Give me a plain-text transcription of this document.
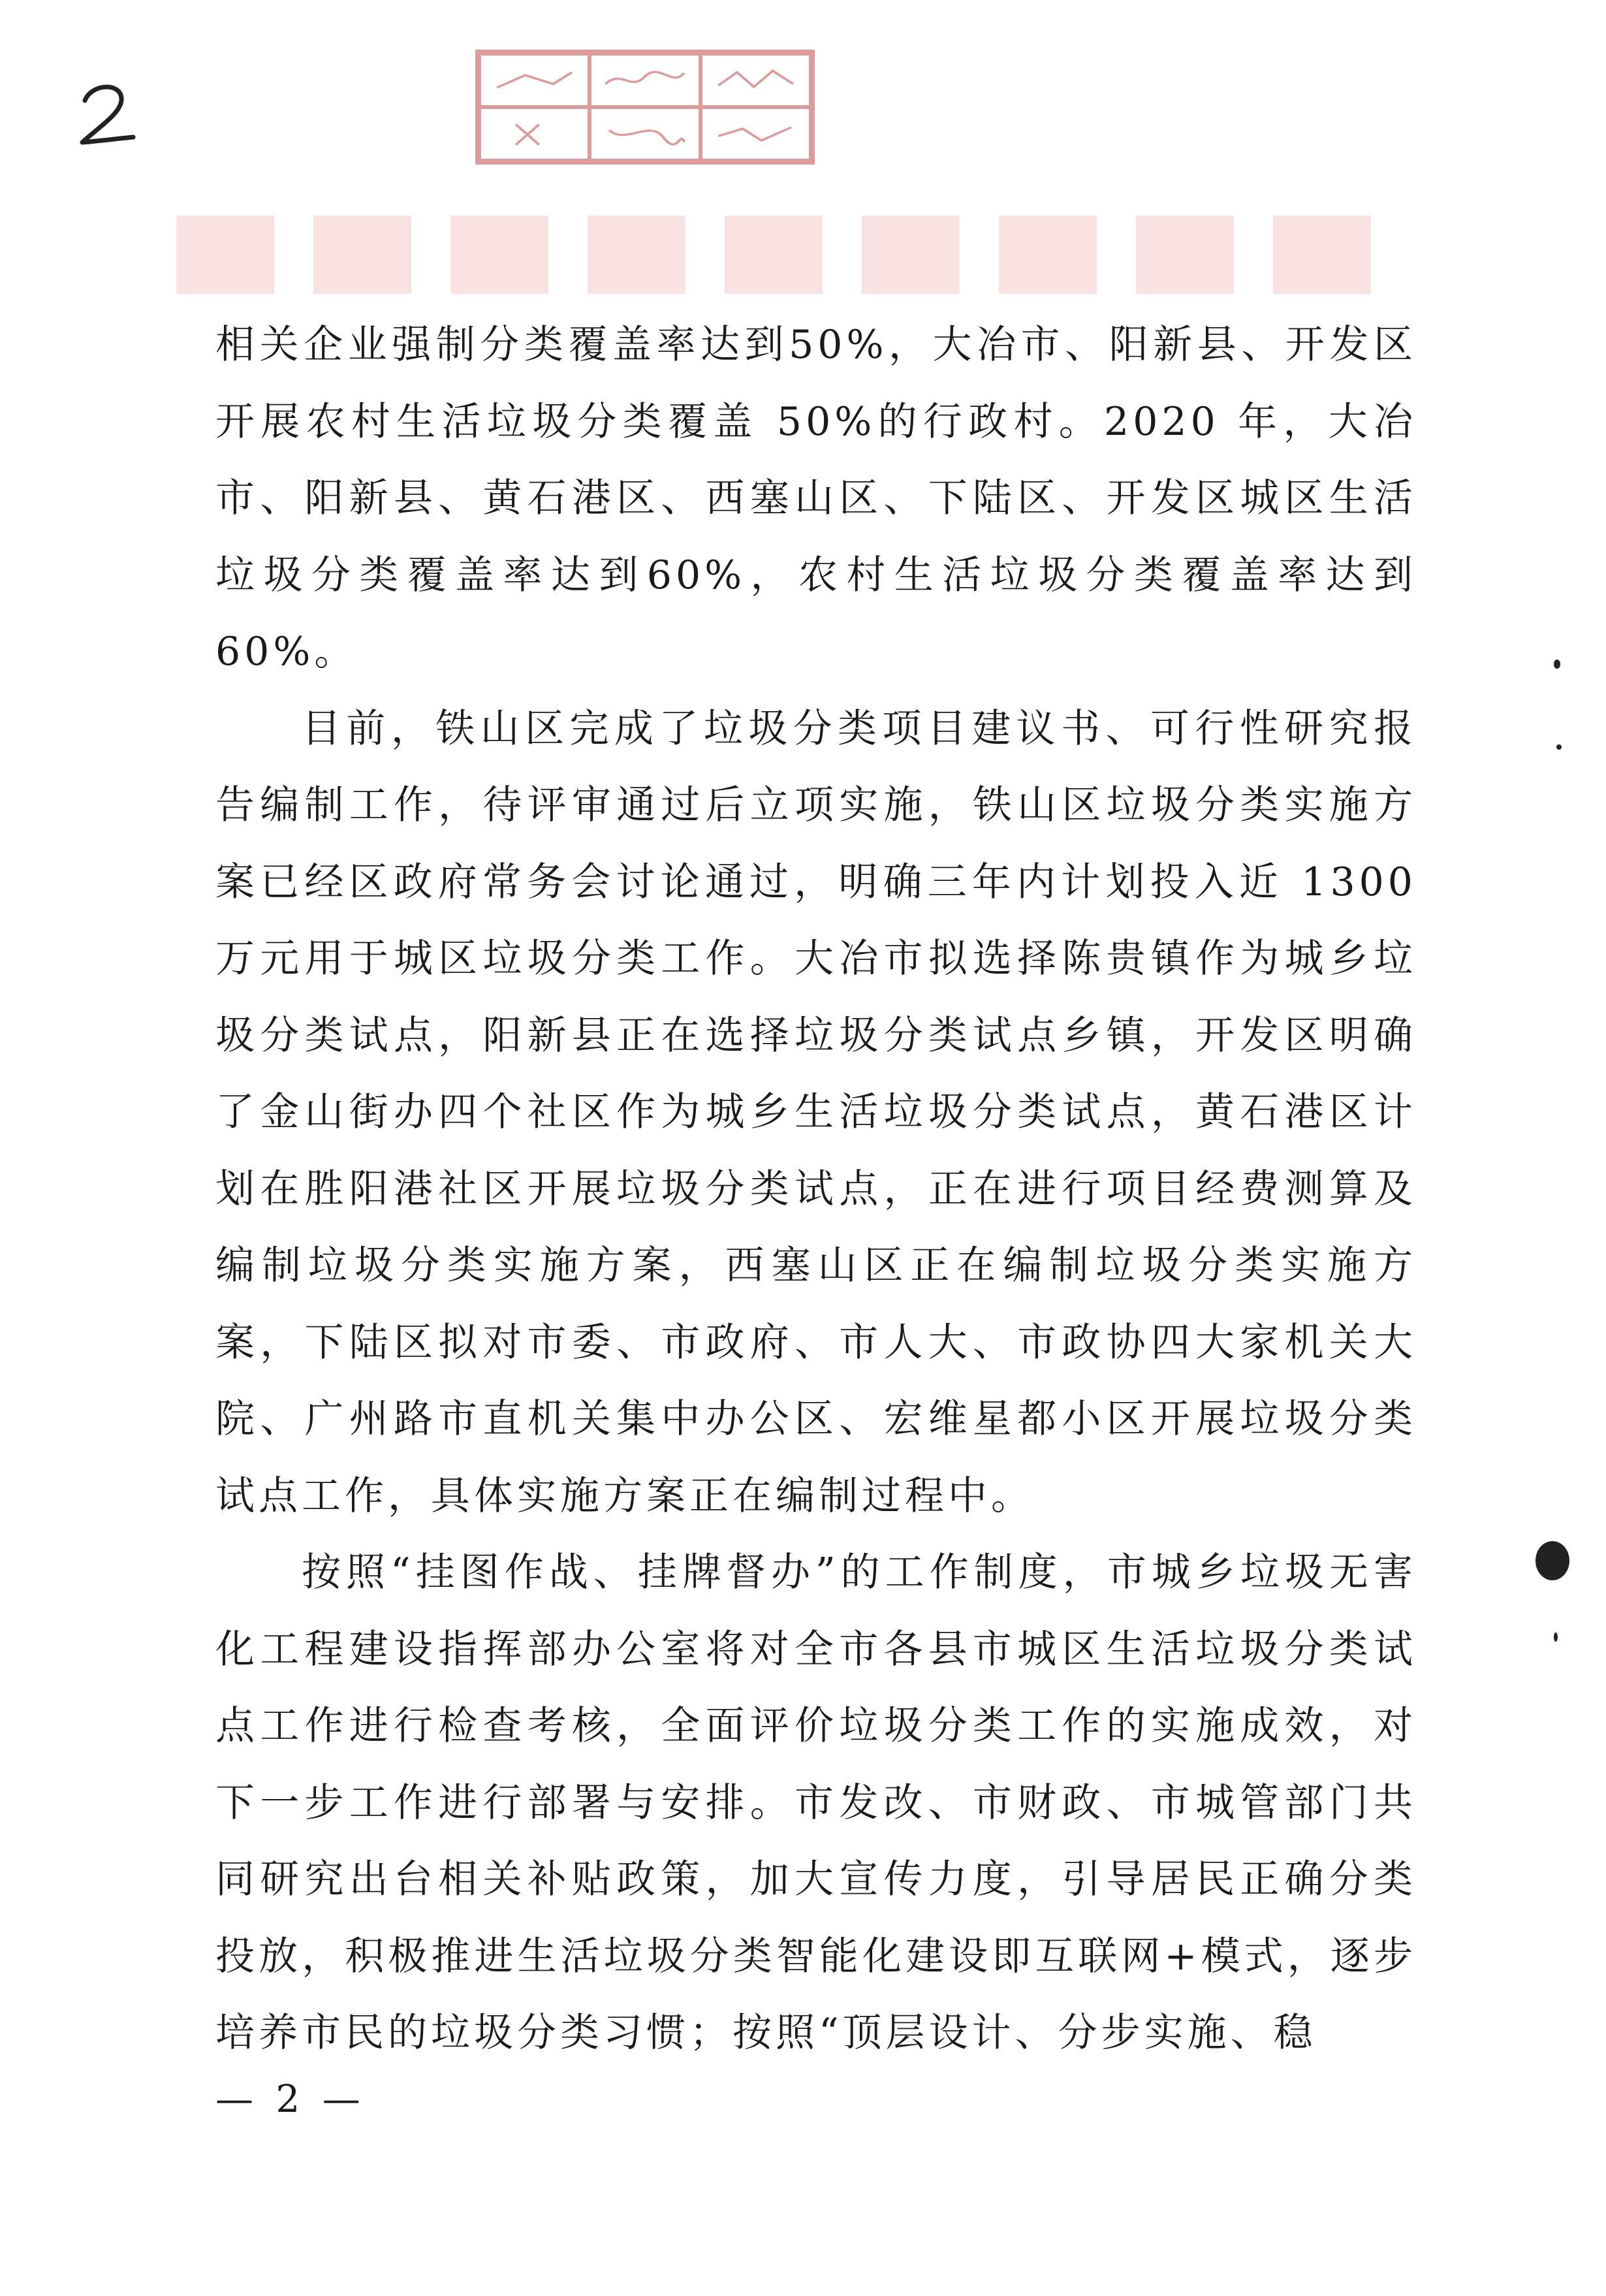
相关企业强制分类覆盖率达到50%，大冶市、阳新县、开发区开展农村生活垃圾分类覆盖 50%的行政村。2020 年，大冶市、阳新县、黄石港区、西塞山区、下陆区、开发区城区生活垃圾分类覆盖率达到60%，农村生活垃圾分类覆盖率达到60%。

目前，铁山区完成了垃圾分类项目建议书、可行性研究报告编制工作，待评审通过后立项实施，铁山区垃圾分类实施方案已经区政府常务会讨论通过，明确三年内计划投入近 1300 万元用于城区垃圾分类工作。大冶市拟选择陈贵镇作为城乡垃圾分类试点，阳新县正在选择垃圾分类试点乡镇，开发区明确了金山街办四个社区作为城乡生活垃圾分类试点，黄石港区计划在胜阳港社区开展垃圾分类试点，正在进行项目经费测算及编制垃圾分类实施方案，西塞山区正在编制垃圾分类实施方案，下陆区拟对市委、市政府、市人大、市政协四大家机关大院、广州路市直机关集中办公区、宏维星都小区开展垃圾分类试点工作，具体实施方案正在编制过程中。

按照“挂图作战、挂牌督办”的工作制度，市城乡垃圾无害化工程建设指挥部办公室将对全市各县市城区生活垃圾分类试点工作进行检查考核，全面评价垃圾分类工作的实施成效，对下一步工作进行部署与安排。市发改、市财政、市城管部门共同研究出台相关补贴政策，加大宣传力度，引导居民正确分类投放，积极推进生活垃圾分类智能化建设即互联网+模式，逐步培养市民的垃圾分类习惯；按照“顶层设计、分步实施、稳

— 2 —
